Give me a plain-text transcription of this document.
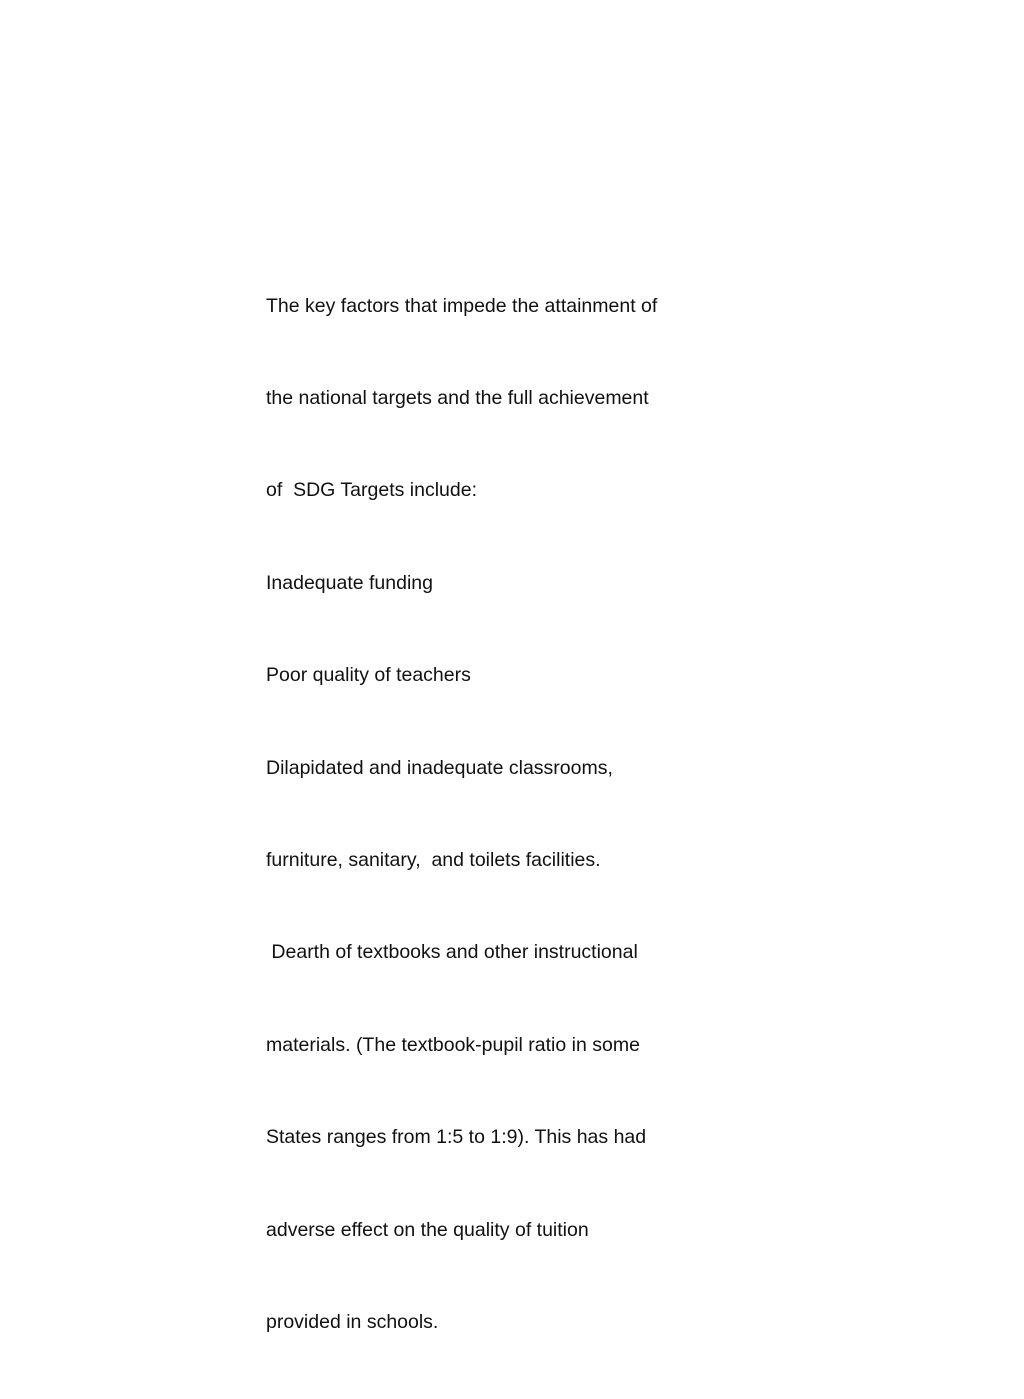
The key factors that impede the attainment of

the national targets and the full achievement

of  SDG Targets include:

Inadequate funding

Poor quality of teachers

Dilapidated and inadequate classrooms,

furniture, sanitary,  and toilets facilities.

Dearth of textbooks and other instructional

materials. (The textbook-pupil ratio in some

States ranges from 1:5 to 1:9). This has had

adverse effect on the quality of tuition

provided in schools.
